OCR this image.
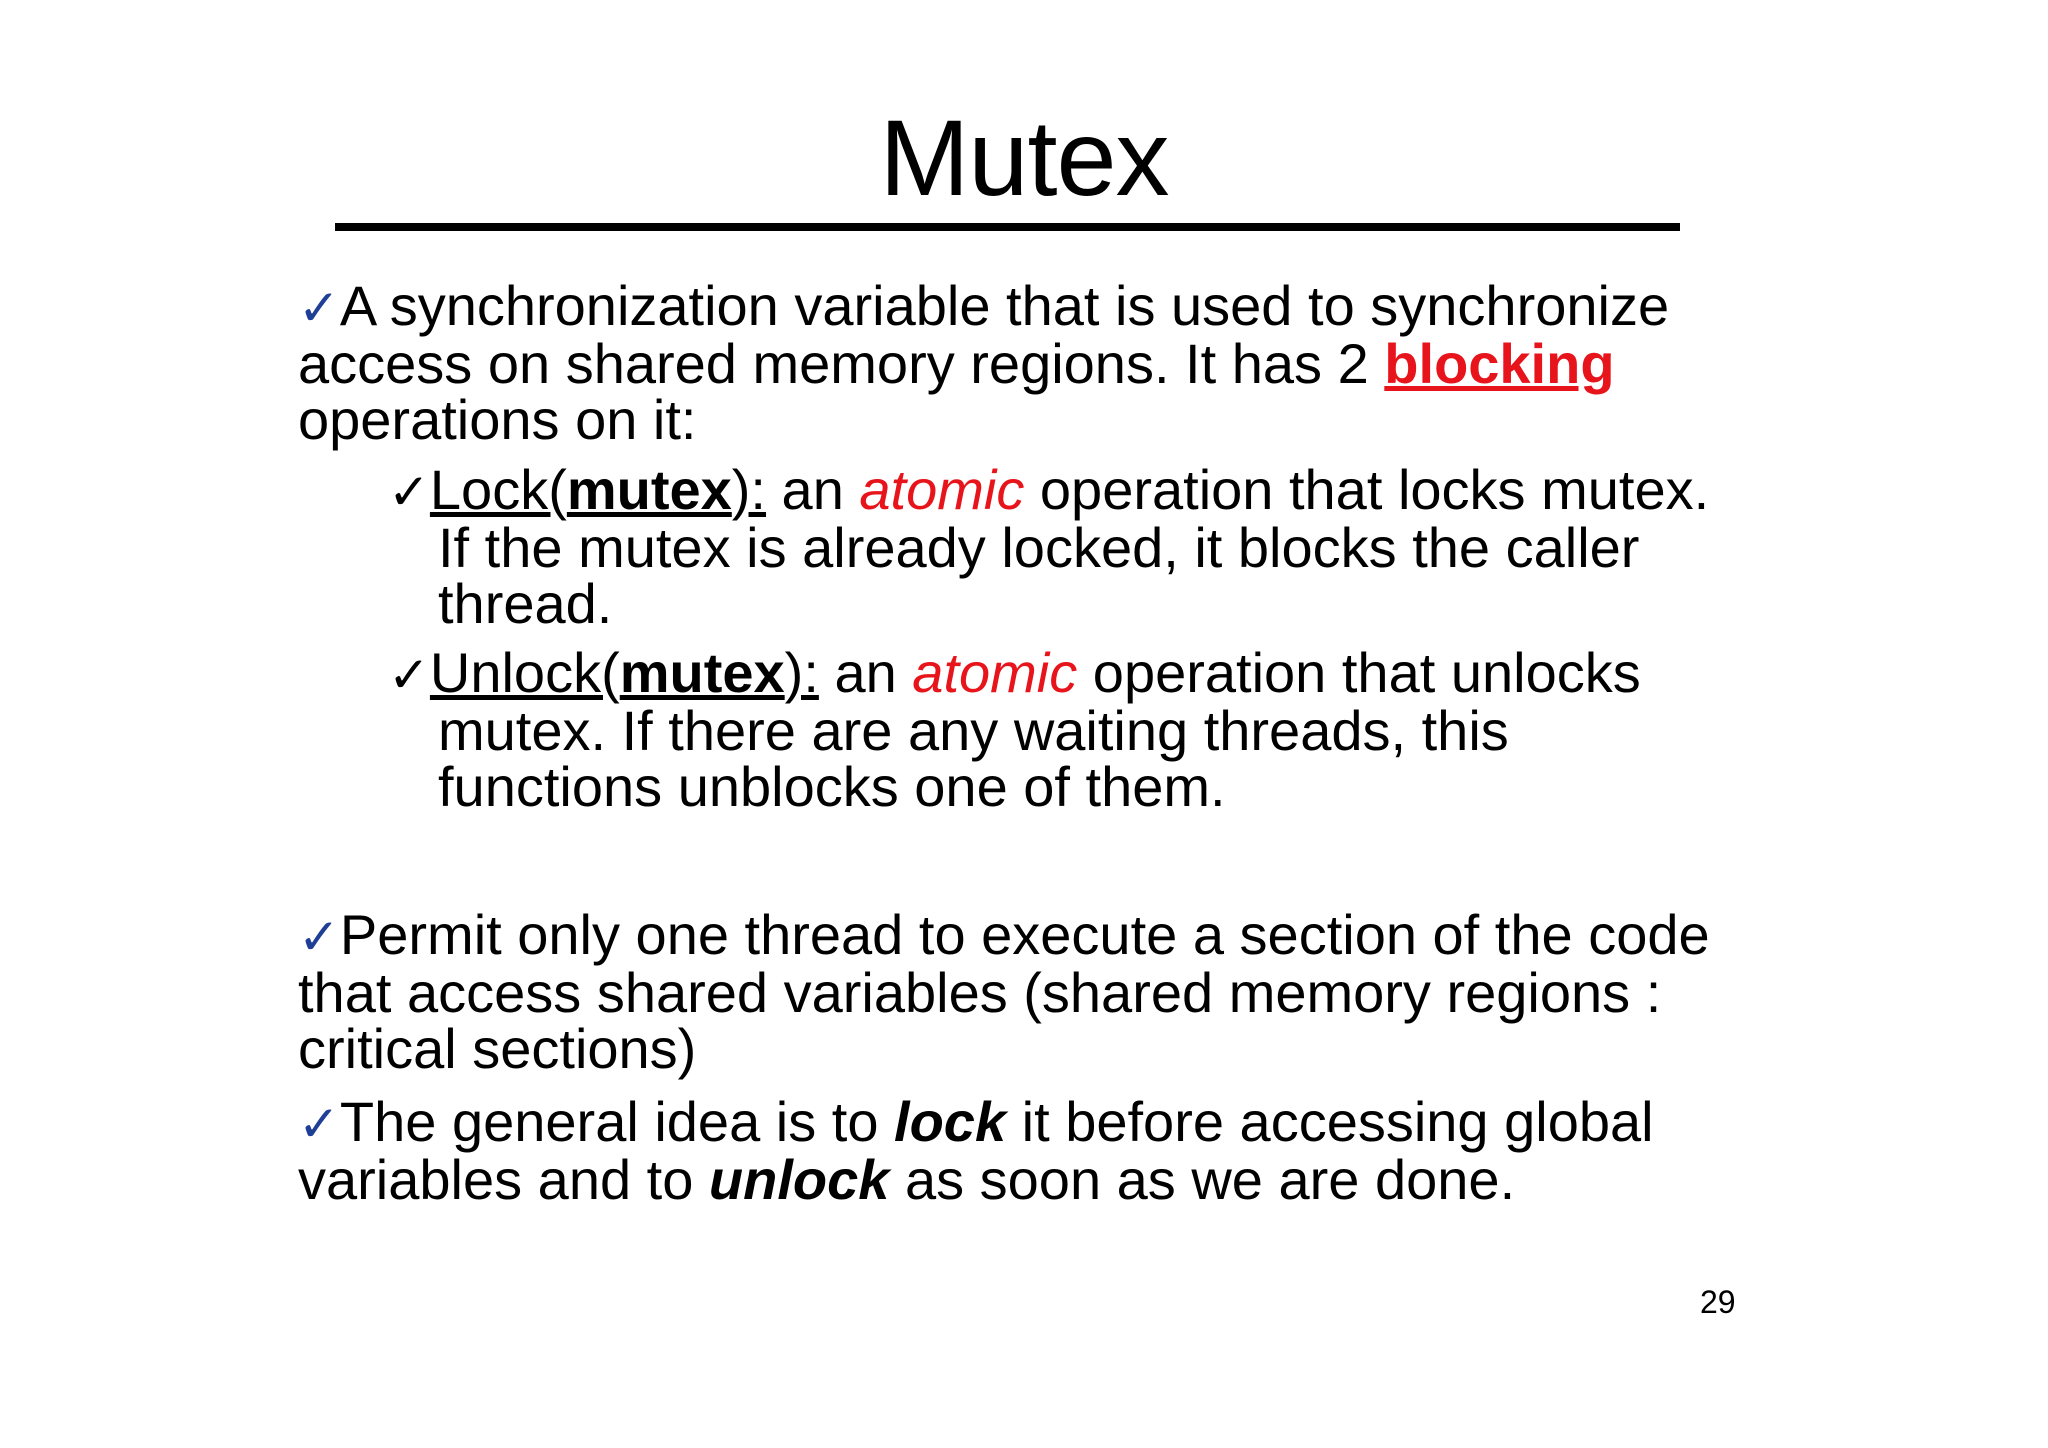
Mutex
✓A synchronization variable that is used to synchronize
access on shared memory regions. It has 2 blocking
operations on it:
✓Lock(mutex): an atomic operation that locks mutex.
If the mutex is already locked, it blocks the caller
thread.
✓Unlock(mutex): an atomic operation that unlocks
mutex. If there are any waiting threads, this
functions unblocks one of them.
✓Permit only one thread to execute a section of the code
that access shared variables (shared memory regions :
critical sections)
✓The general idea is to lock it before accessing global
variables and to unlock as soon as we are done.
29
